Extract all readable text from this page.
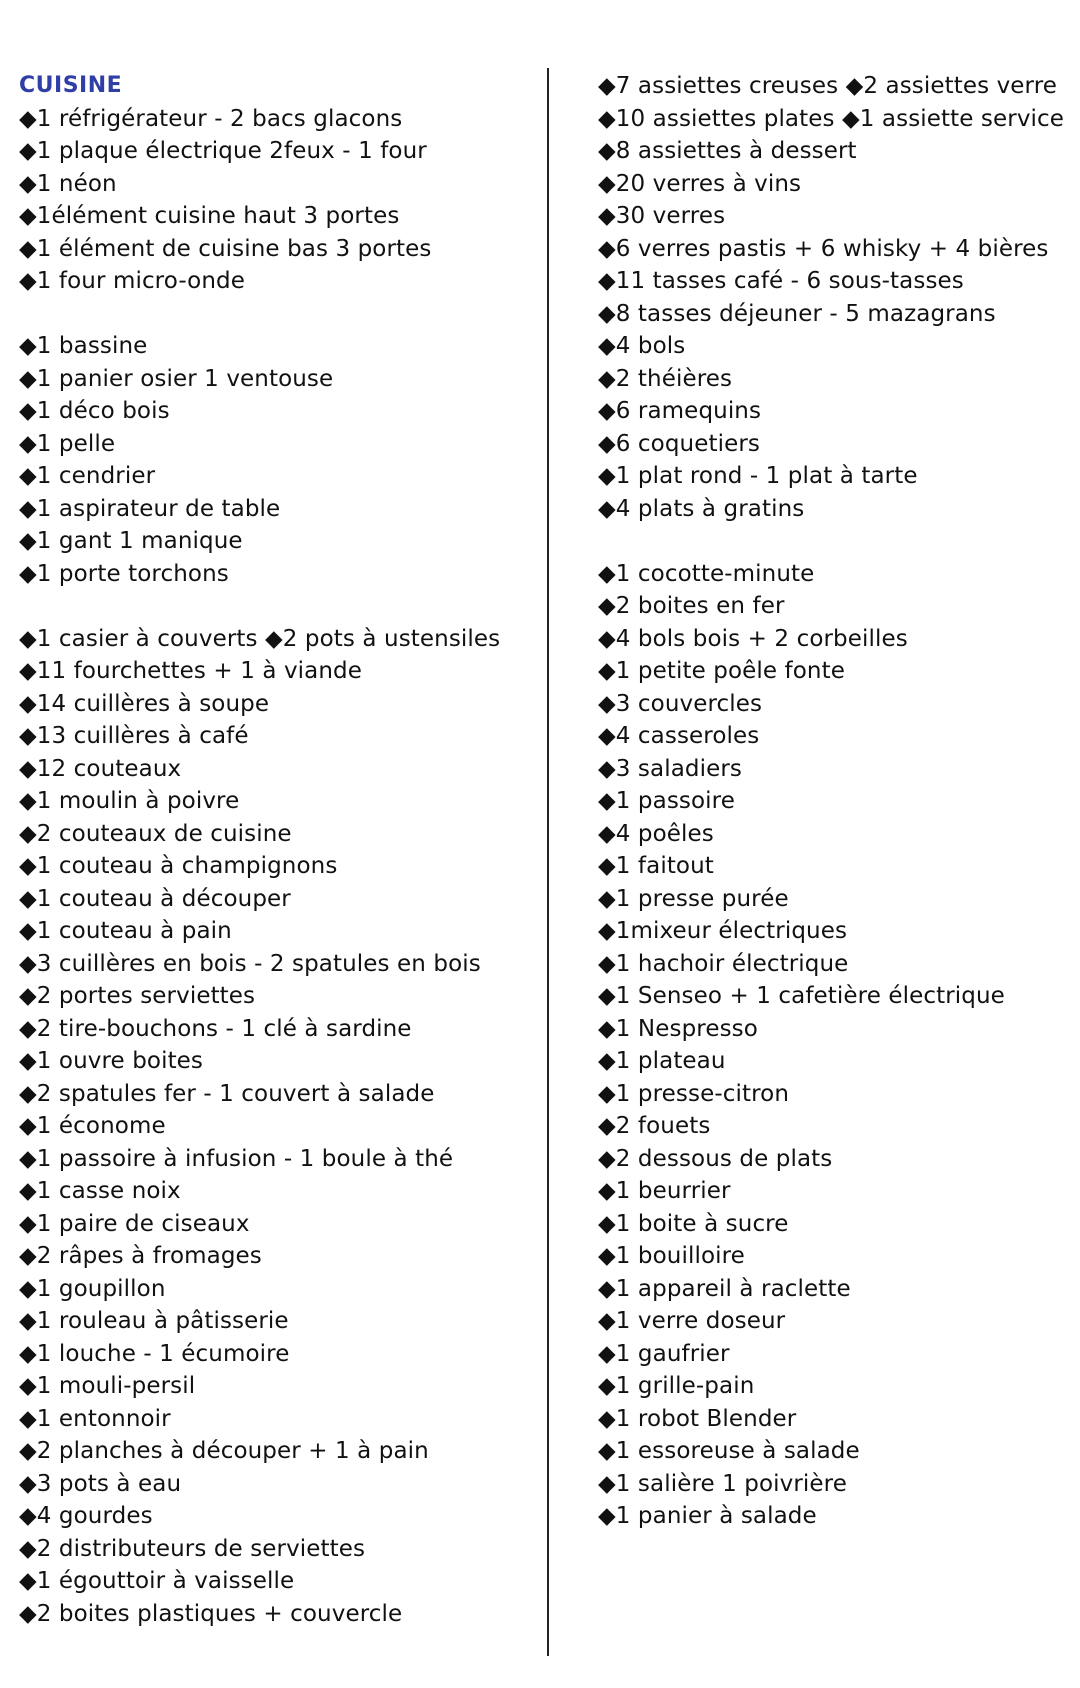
CUISINE
◆1 réfrigérateur - 2 bacs glacons
◆1 plaque électrique 2feux - 1 four
◆1 néon
◆1élément cuisine haut 3 portes
◆1 élément de cuisine bas 3 portes
◆1 four micro-onde
◆1 bassine
◆1 panier osier 1 ventouse
◆1 déco bois
◆1 pelle
◆1 cendrier
◆1 aspirateur de table
◆1 gant 1 manique
◆1 porte torchons
◆1 casier à couverts ◆2 pots à ustensiles
◆11 fourchettes + 1 à viande
◆14 cuillères à soupe
◆13 cuillères à café
◆12 couteaux
◆1 moulin à poivre
◆2 couteaux de cuisine
◆1 couteau à champignons
◆1 couteau à découper
◆1 couteau à pain
◆3 cuillères en bois - 2 spatules en bois
◆2 portes serviettes
◆2 tire-bouchons - 1 clé à sardine
◆1 ouvre boites
◆2 spatules fer - 1 couvert à salade
◆1 économe
◆1 passoire à infusion - 1 boule à thé
◆1 casse noix
◆1 paire de ciseaux
◆2 râpes à fromages
◆1 goupillon
◆1 rouleau à pâtisserie
◆1 louche - 1 écumoire
◆1 mouli-persil
◆1 entonnoir
◆2 planches à découper + 1 à pain
◆3 pots à eau
◆4 gourdes
◆2 distributeurs de serviettes
◆1 égouttoir à vaisselle
◆2 boites plastiques + couvercle
◆7 assiettes creuses ◆2 assiettes verre
◆10 assiettes plates ◆1 assiette service
◆8 assiettes à dessert
◆20 verres à vins
◆30 verres
◆6 verres pastis + 6 whisky + 4 bières
◆11 tasses café - 6 sous-tasses
◆8 tasses déjeuner - 5 mazagrans
◆4 bols
◆2 théières
◆6 ramequins
◆6 coquetiers
◆1 plat rond - 1 plat à tarte
◆4 plats à gratins
◆1 cocotte-minute
◆2 boites en fer
◆4 bols bois + 2 corbeilles
◆1 petite poêle fonte
◆3 couvercles
◆4 casseroles
◆3 saladiers
◆1 passoire
◆4 poêles
◆1 faitout
◆1 presse purée
◆1mixeur électriques
◆1 hachoir électrique
◆1 Senseo + 1 cafetière électrique
◆1 Nespresso
◆1 plateau
◆1 presse-citron
◆2 fouets
◆2 dessous de plats
◆1 beurrier
◆1 boite à sucre
◆1 bouilloire
◆1 appareil à raclette
◆1 verre doseur
◆1 gaufrier
◆1 grille-pain
◆1 robot Blender
◆1 essoreuse à salade
◆1 salière 1 poivrière
◆1 panier à salade
